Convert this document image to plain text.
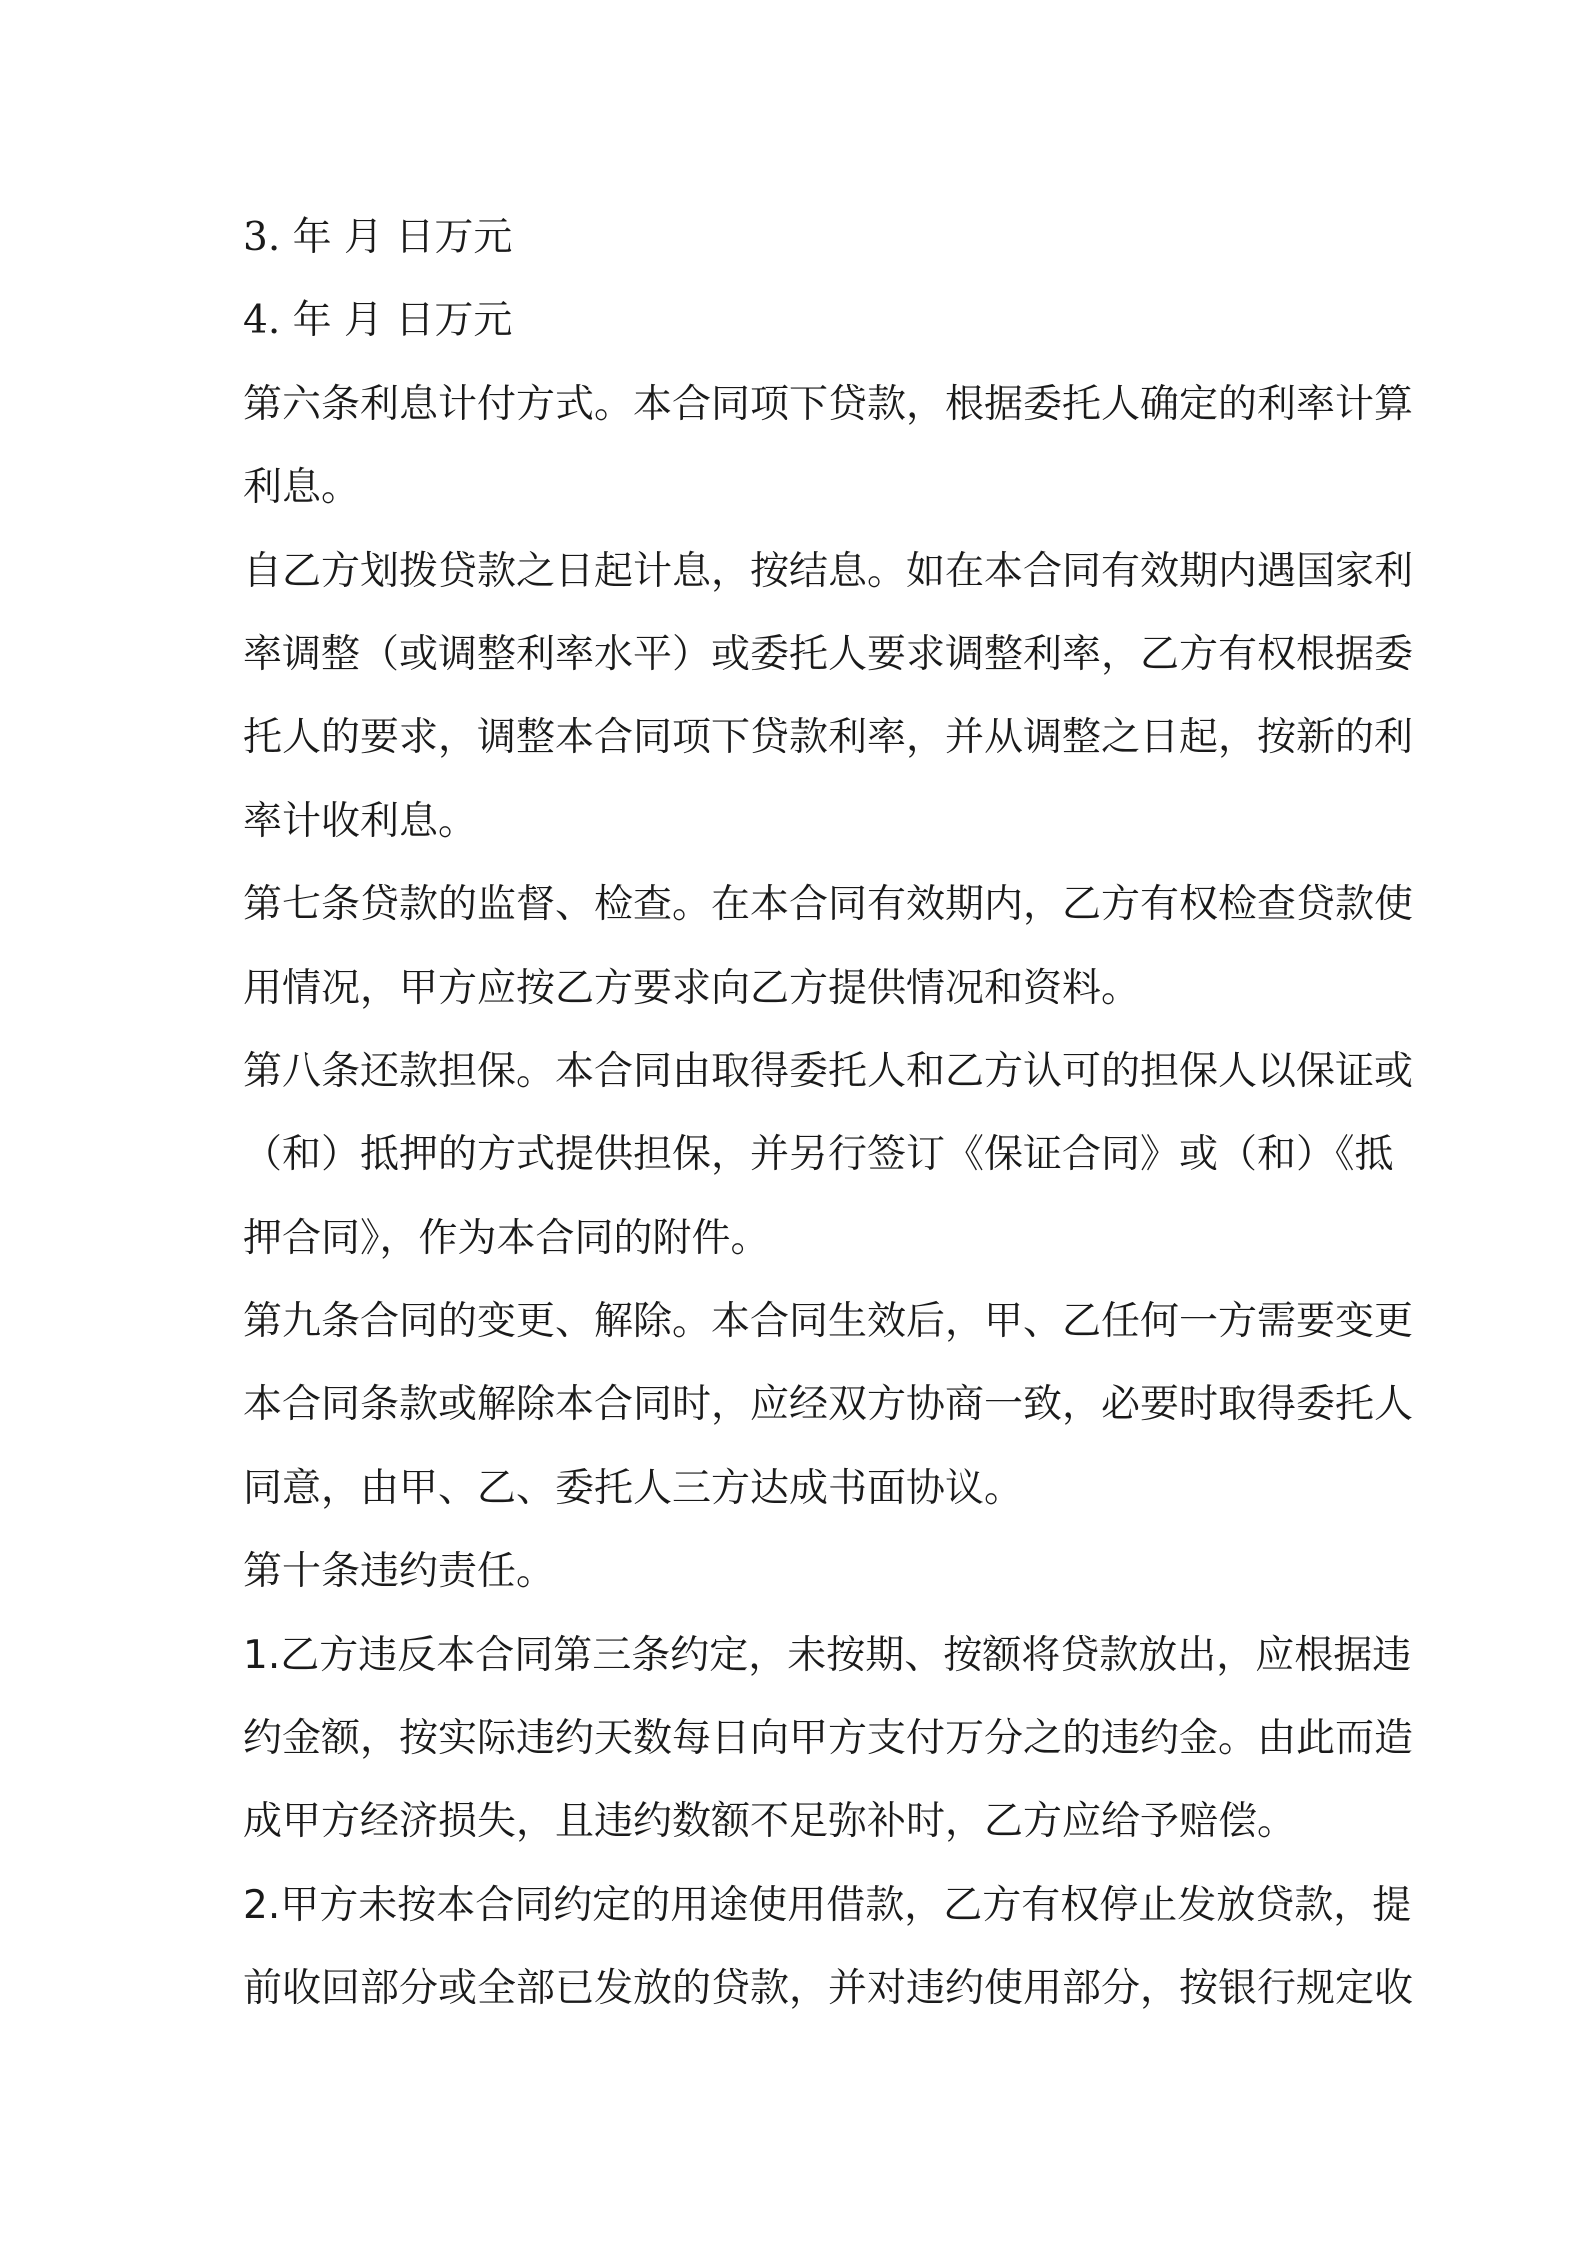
3. 年 月 日万元
4. 年 月 日万元
第六条利息计付方式。本合同项下贷款，根据委托人确定的利率计算
利息。
自乙方划拨贷款之日起计息，按结息。如在本合同有效期内遇国家利
率调整（或调整利率水平）或委托人要求调整利率，乙方有权根据委
托人的要求，调整本合同项下贷款利率，并从调整之日起，按新的利
率计收利息。
第七条贷款的监督、检查。在本合同有效期内，乙方有权检查贷款使
用情况，甲方应按乙方要求向乙方提供情况和资料。
第八条还款担保。本合同由取得委托人和乙方认可的担保人以保证或
（和）抵押的方式提供担保，并另行签订《保证合同》或（和）《抵
押合同》，作为本合同的附件。
第九条合同的变更、解除。本合同生效后，甲、乙任何一方需要变更
本合同条款或解除本合同时，应经双方协商一致，必要时取得委托人
同意，由甲、乙、委托人三方达成书面协议。
第十条违约责任。
1.乙方违反本合同第三条约定，未按期、按额将贷款放出，应根据违
约金额，按实际违约天数每日向甲方支付万分之的违约金。由此而造
成甲方经济损失，且违约数额不足弥补时，乙方应给予赔偿。
2.甲方未按本合同约定的用途使用借款，乙方有权停止发放贷款，提
前收回部分或全部已发放的贷款，并对违约使用部分，按银行规定收
